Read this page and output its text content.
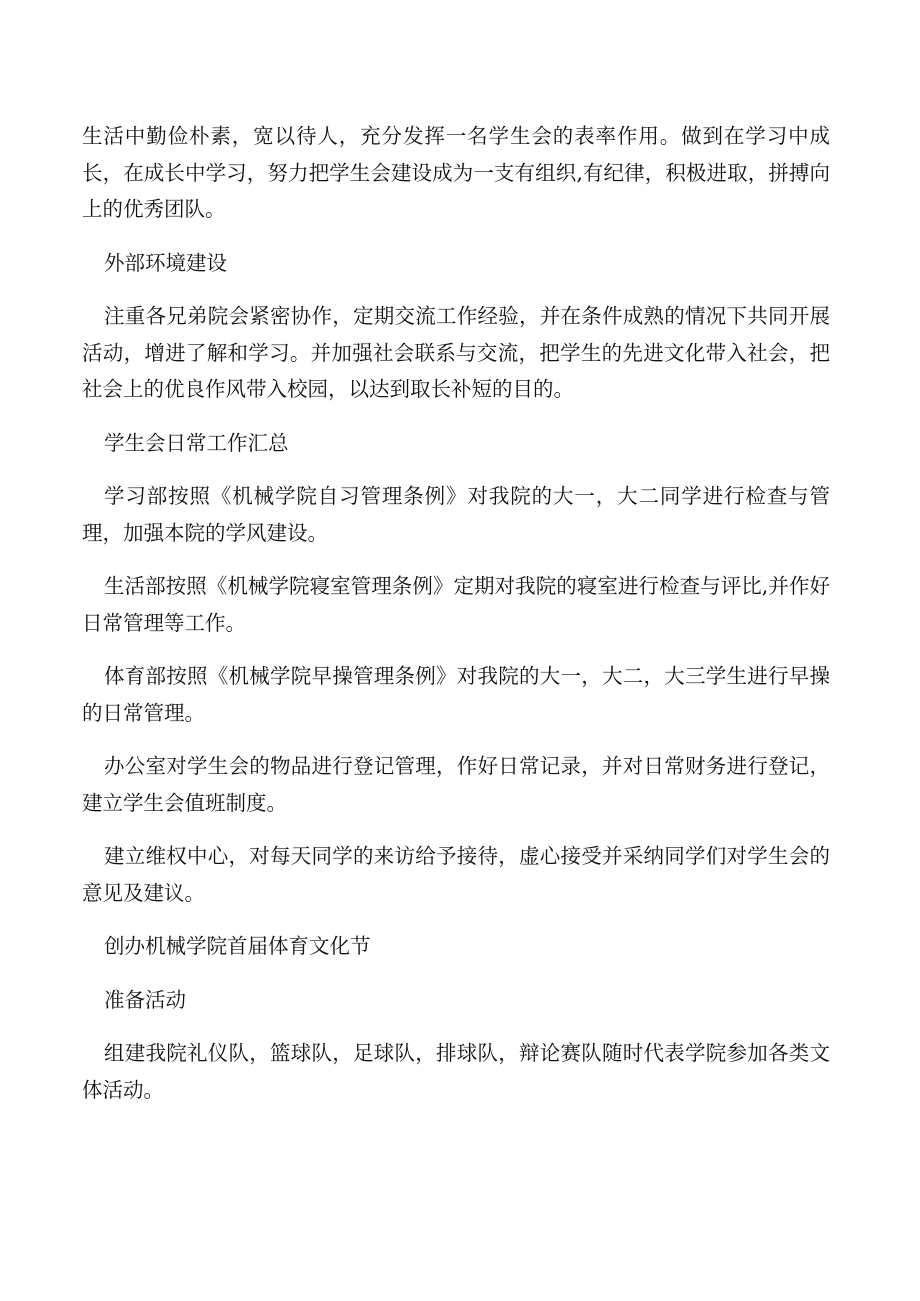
生活中勤俭朴素，宽以待人，充分发挥一名学生会的表率作用。做到在学习中成长，在成长中学习，努力把学生会建设成为一支有组织,有纪律，积极进取，拼搏向上的优秀团队。

外部环境建设

注重各兄弟院会紧密协作，定期交流工作经验，并在条件成熟的情况下共同开展活动，增进了解和学习。并加强社会联系与交流，把学生的先进文化带入社会，把社会上的优良作风带入校园，以达到取长补短的目的。

学生会日常工作汇总

学习部按照《机械学院自习管理条例》对我院的大一，大二同学进行检查与管理，加强本院的学风建设。

生活部按照《机械学院寝室管理条例》定期对我院的寝室进行检查与评比,并作好日常管理等工作。

体育部按照《机械学院早操管理条例》对我院的大一，大二，大三学生进行早操的日常管理。

办公室对学生会的物品进行登记管理，作好日常记录，并对日常财务进行登记，建立学生会值班制度。

建立维权中心，对每天同学的来访给予接待，虚心接受并采纳同学们对学生会的意见及建议。

创办机械学院首届体育文化节

准备活动

组建我院礼仪队，篮球队，足球队，排球队，辩论赛队随时代表学院参加各类文体活动。
